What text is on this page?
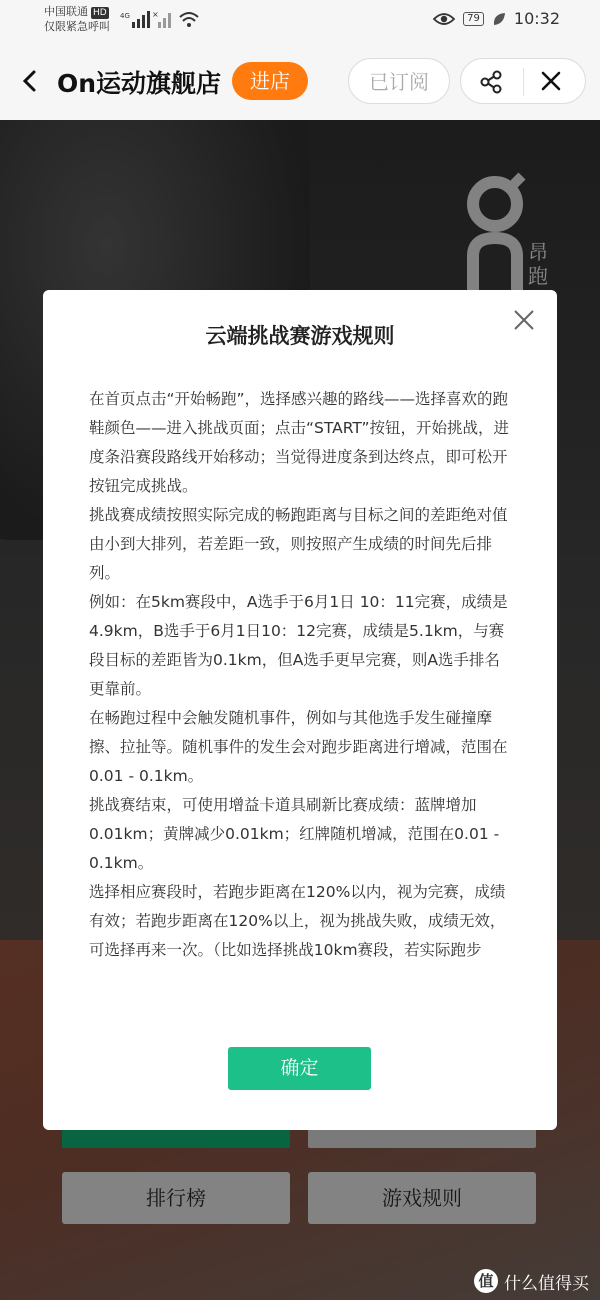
中国联通 HD
仅限紧急呼叫
4G	×	79 10:32
On运动旗舰店	进店	已订阅
昂跑
排行榜	游戏规则
值 什么值得买
云端挑战赛游戏规则

在首页点击“开始畅跑”，选择感兴趣的路线——选择喜欢的跑鞋颜色——进入挑战页面；点击“START”按钮，开始挑战，进度条沿赛段路线开始移动；当觉得进度条到达终点，即可松开按钮完成挑战。

挑战赛成绩按照实际完成的畅跑距离与目标之间的差距绝对值由小到大排列，若差距一致，则按照产生成绩的时间先后排列。

例如：在5km赛段中，A选手于6月1日 10：11完赛，成绩是4.9km，B选手于6月1日10：12完赛，成绩是5.1km，与赛段目标的差距皆为0.1km，但A选手更早完赛，则A选手排名更靠前。

在畅跑过程中会触发随机事件，例如与其他选手发生碰撞摩擦、拉扯等。随机事件的发生会对跑步距离进行增减，范围在0.01 - 0.1km。

挑战赛结束，可使用增益卡道具刷新比赛成绩：蓝牌增加0.01km；黄牌减少0.01km；红牌随机增减，范围在0.01 - 0.1km。

选择相应赛段时，若跑步距离在120%以内，视为完赛，成绩有效；若跑步距离在120%以上，视为挑战失败，成绩无效，可选择再来一次。（比如选择挑战10km赛段，若实际跑步

确定
